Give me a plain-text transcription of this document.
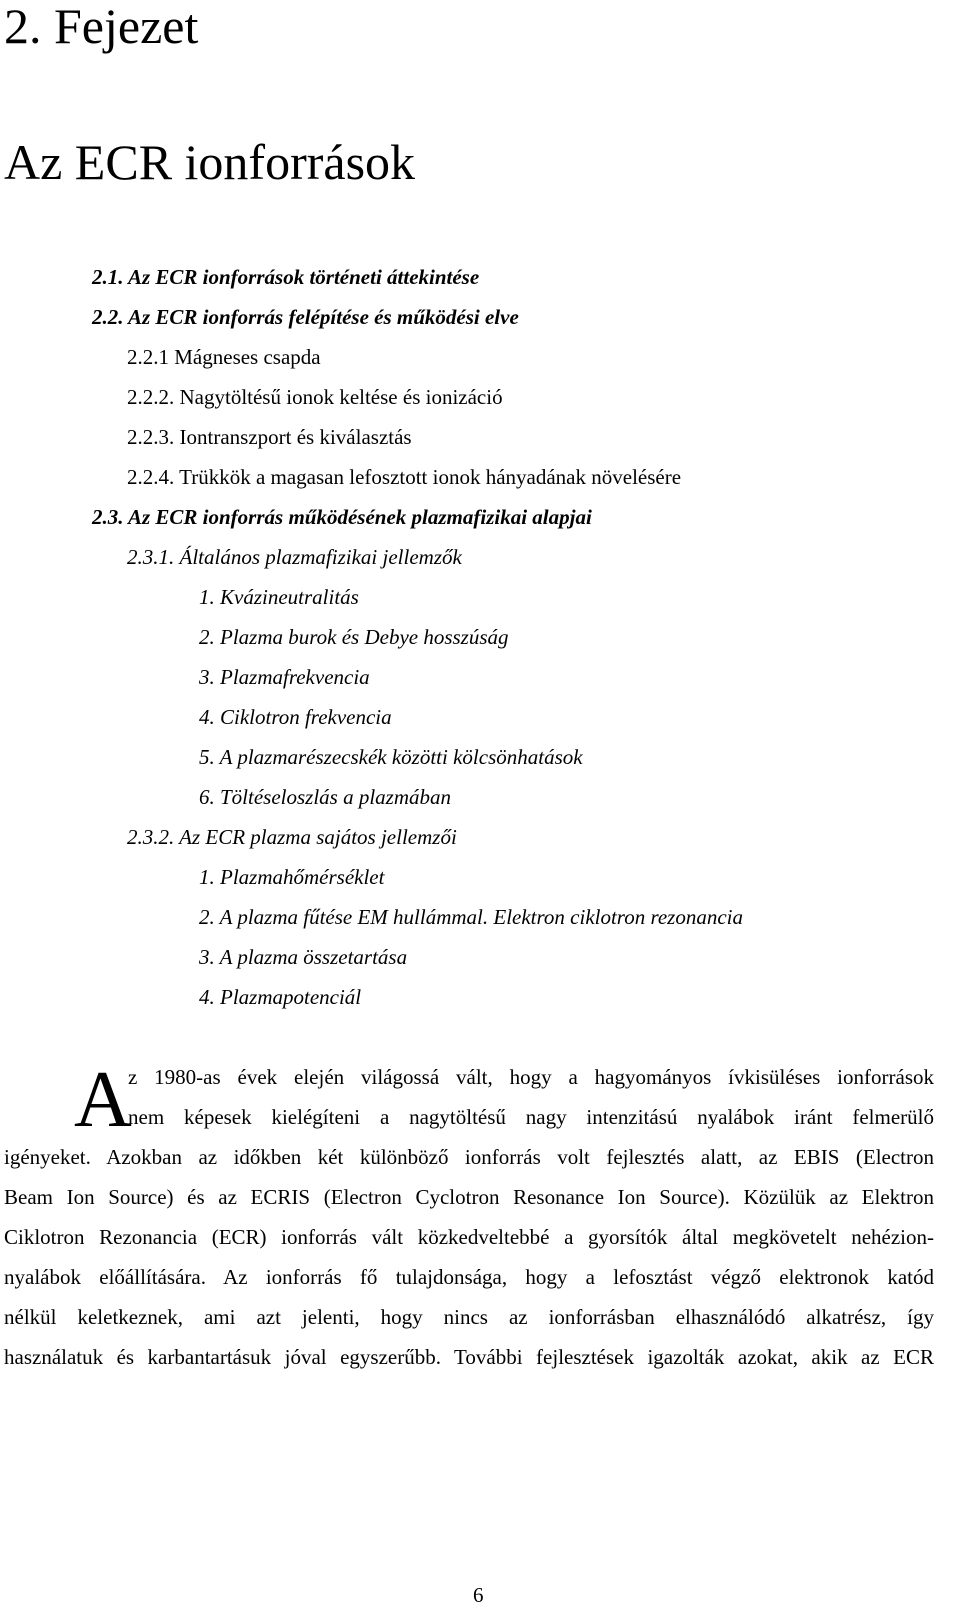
2. Fejezet
Az ECR ionforrások
2.1. Az ECR ionforrások történeti áttekintése
2.2. Az ECR ionforrás felépítése és működési elve
2.2.1 Mágneses csapda
2.2.2. Nagytöltésű ionok keltése és ionizáció
2.2.3. Iontranszport és kiválasztás
2.2.4. Trükkök a magasan lefosztott ionok hányadának növelésére
2.3. Az ECR ionforrás működésének plazmafizikai alapjai
2.3.1. Általános plazmafizikai jellemzők
1. Kvázineutralitás
2. Plazma burok és Debye hosszúság
3. Plazmafrekvencia
4. Ciklotron frekvencia
5. A plazmarészecskék közötti kölcsönhatások
6. Töltéseloszlás a plazmában
2.3.2. Az ECR plazma sajátos jellemzői
1. Plazmahőmérséklet
2. A plazma fűtése EM hullámmal. Elektron ciklotron rezonancia
3. A plazma összetartása
4. Plazmapotenciál
A
z 1980-as évek elején világossá vált, hogy a hagyományos ívkisüléses ionforrások
nem képesek kielégíteni a nagytöltésű nagy intenzitású nyalábok iránt felmerülő
igényeket. Azokban az időkben két különböző ionforrás volt fejlesztés alatt, az EBIS (Electron
Beam Ion Source) és az ECRIS (Electron Cyclotron Resonance Ion Source). Közülük az Elektron
Ciklotron Rezonancia (ECR) ionforrás vált közkedveltebbé a gyorsítók által megkövetelt nehézion-
nyalábok előállítására. Az ionforrás fő tulajdonsága, hogy a lefosztást végző elektronok katód
nélkül keletkeznek, ami azt jelenti, hogy nincs az ionforrásban elhasználódó alkatrész, így
használatuk és karbantartásuk jóval egyszerűbb. További fejlesztések igazolták azokat, akik az ECR
6
